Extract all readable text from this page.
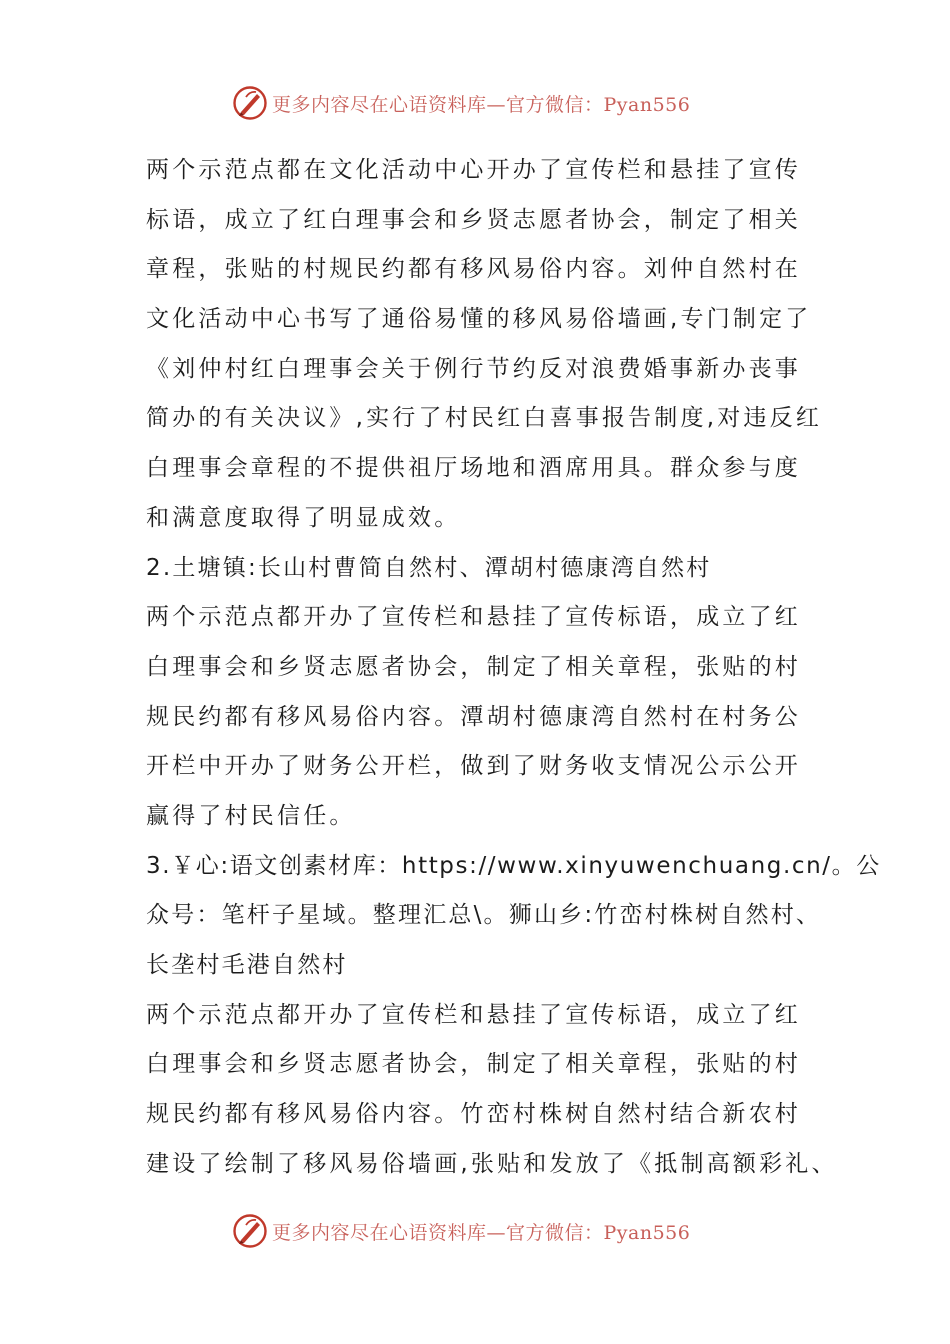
更多内容尽在心语资料库—官方微信：Pyan556
两个示范点都在文化活动中心开办了宣传栏和悬挂了宣传
标语，成立了红白理事会和乡贤志愿者协会，制定了相关
章程，张贴的村规民约都有移风易俗内容。刘仲自然村在
文化活动中心书写了通俗易懂的移风易俗墙画,专门制定了
《刘仲村红白理事会关于例行节约反对浪费婚事新办丧事
简办的有关决议》,实行了村民红白喜事报告制度,对违反红
白理事会章程的不提供祖厅场地和酒席用具。群众参与度
和满意度取得了明显成效。
2.土塘镇:长山村曹简自然村、潭胡村德康湾自然村
两个示范点都开办了宣传栏和悬挂了宣传标语，成立了红
白理事会和乡贤志愿者协会，制定了相关章程，张贴的村
规民约都有移风易俗内容。潭胡村德康湾自然村在村务公
开栏中开办了财务公开栏，做到了财务收支情况公示公开
赢得了村民信任。
3.￥心:语文创素材库：https://www.xinyuwenchuang.cn/。公
众号：笔杆子星域。整理汇总\。狮山乡:竹峦村株树自然村、
长垄村毛港自然村
两个示范点都开办了宣传栏和悬挂了宣传标语，成立了红
白理事会和乡贤志愿者协会，制定了相关章程，张贴的村
规民约都有移风易俗内容。竹峦村株树自然村结合新农村
建设了绘制了移风易俗墙画,张贴和发放了《抵制高额彩礼、
更多内容尽在心语资料库—官方微信：Pyan556
